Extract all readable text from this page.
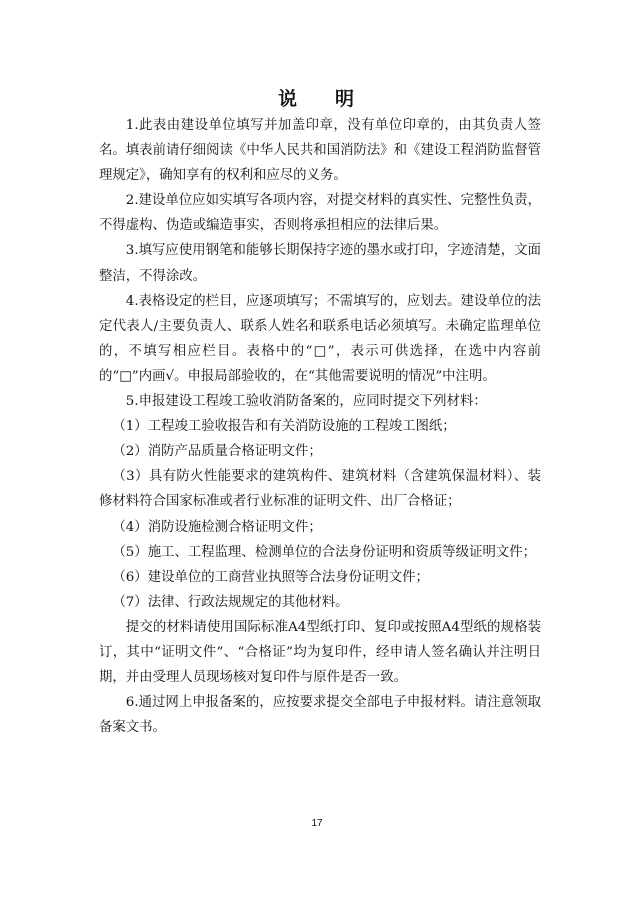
说 明

1.此表由建设单位填写并加盖印章，没有单位印章的，由其负责人签名。填表前请仔细阅读《中华人民共和国消防法》和《建设工程消防监督管理规定》，确知享有的权利和应尽的义务。

2.建设单位应如实填写各项内容，对提交材料的真实性、完整性负责，不得虚构、伪造或编造事实，否则将承担相应的法律后果。

3.填写应使用钢笔和能够长期保持字迹的墨水或打印，字迹清楚，文面整洁，不得涂改。

4.表格设定的栏目，应逐项填写；不需填写的，应划去。建设单位的法定代表人/主要负责人、联系人姓名和联系电话必须填写。未确定监理单位的，不填写相应栏目。表格中的“□”，表示可供选择，在选中内容前的“□”内画√。申报局部验收的，在“其他需要说明的情况”中注明。

5.申报建设工程竣工验收消防备案的，应同时提交下列材料：

（1）工程竣工验收报告和有关消防设施的工程竣工图纸；

（2）消防产品质量合格证明文件；

（3）具有防火性能要求的建筑构件、建筑材料（含建筑保温材料）、装修材料符合国家标准或者行业标准的证明文件、出厂合格证；

（4）消防设施检测合格证明文件；

（5）施工、工程监理、检测单位的合法身份证明和资质等级证明文件；

（6）建设单位的工商营业执照等合法身份证明文件；

（7）法律、行政法规规定的其他材料。

提交的材料请使用国际标准A4型纸打印、复印或按照A4型纸的规格装订，其中“证明文件”、“合格证”均为复印件，经申请人签名确认并注明日期，并由受理人员现场核对复印件与原件是否一致。

6.通过网上申报备案的，应按要求提交全部电子申报材料。请注意领取备案文书。

17
